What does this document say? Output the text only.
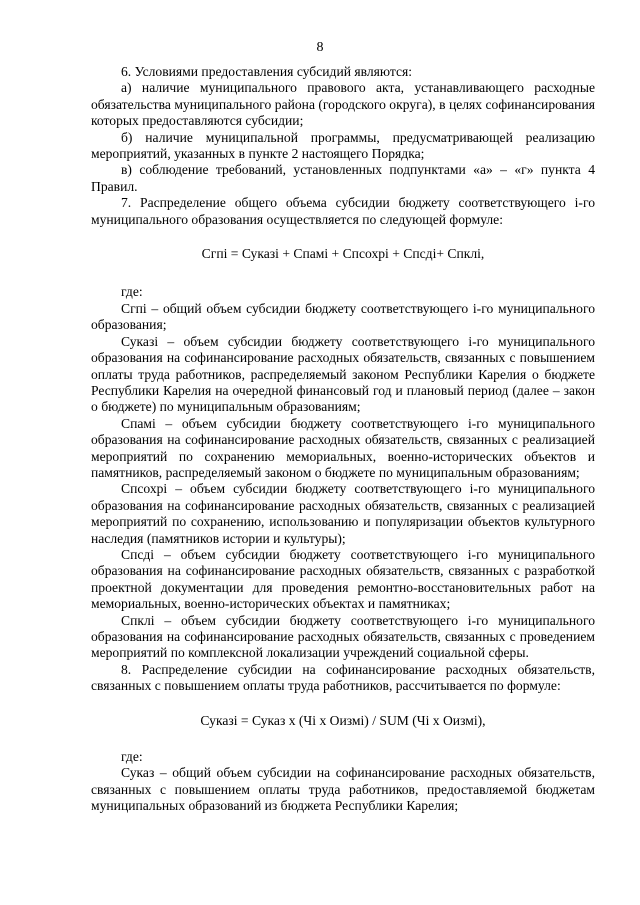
8

6. Условиями предоставления субсидий являются:

а) наличие муниципального правового акта, устанавливающего расходные обязательства муниципального района (городского округа), в целях софинансирования которых предоставляются субсидии;

б) наличие муниципальной программы, предусматривающей реализацию мероприятий, указанных в пункте 2 настоящего Порядка;

в) соблюдение требований, установленных подпунктами «а» – «г» пункта 4 Правил.

7. Распределение общего объема субсидии бюджету соответствующего i-го муниципального образования осуществляется по следующей формуле:

Сгпi = Суказi + Спамi + Спсохрi + Спсдi+ Спклi,

где:

Сгпi – общий объем субсидии бюджету соответствующего i-го муниципального образования;

Суказi – объем субсидии бюджету соответствующего i-го муниципального образования на софинансирование расходных обязательств, связанных с повышением оплаты труда работников, распределяемый законом Республики Карелия о бюджете Республики Карелия на очередной финансовый год и плановый период (далее – закон о бюджете) по муниципальным образованиям;

Спамi – объем субсидии бюджету соответствующего i-го муниципального образования на софинансирование расходных обязательств, связанных с реализацией мероприятий по сохранению мемориальных, военно-исторических объектов и памятников, распределяемый законом о бюджете по муниципальным образованиям;

Спсохрi – объем субсидии бюджету соответствующего i-го муниципального образования на софинансирование расходных обязательств, связанных с реализацией мероприятий по сохранению, использованию и популяризации объектов культурного наследия (памятников истории и культуры);

Спсдi – объем субсидии бюджету соответствующего i-го муниципального образования на софинансирование расходных обязательств, связанных с разработкой проектной документации для проведения ремонтно-восстановительных работ на мемориальных, военно-исторических объектах и памятниках;

Спклi – объем субсидии бюджету соответствующего i-го муниципального образования на софинансирование расходных обязательств, связанных с проведением мероприятий по комплексной локализации учреждений социальной сферы.

8. Распределение субсидии на софинансирование расходных обязательств, связанных с повышением оплаты труда работников, рассчитывается по формуле:

Суказi = Суказ x (Чi x Оизмi) / SUM (Чi x Оизмi),

где:

Суказ – общий объем субсидии на софинансирование расходных обязательств, связанных с повышением оплаты труда работников, предоставляемой бюджетам муниципальных образований из бюджета Республики Карелия;
